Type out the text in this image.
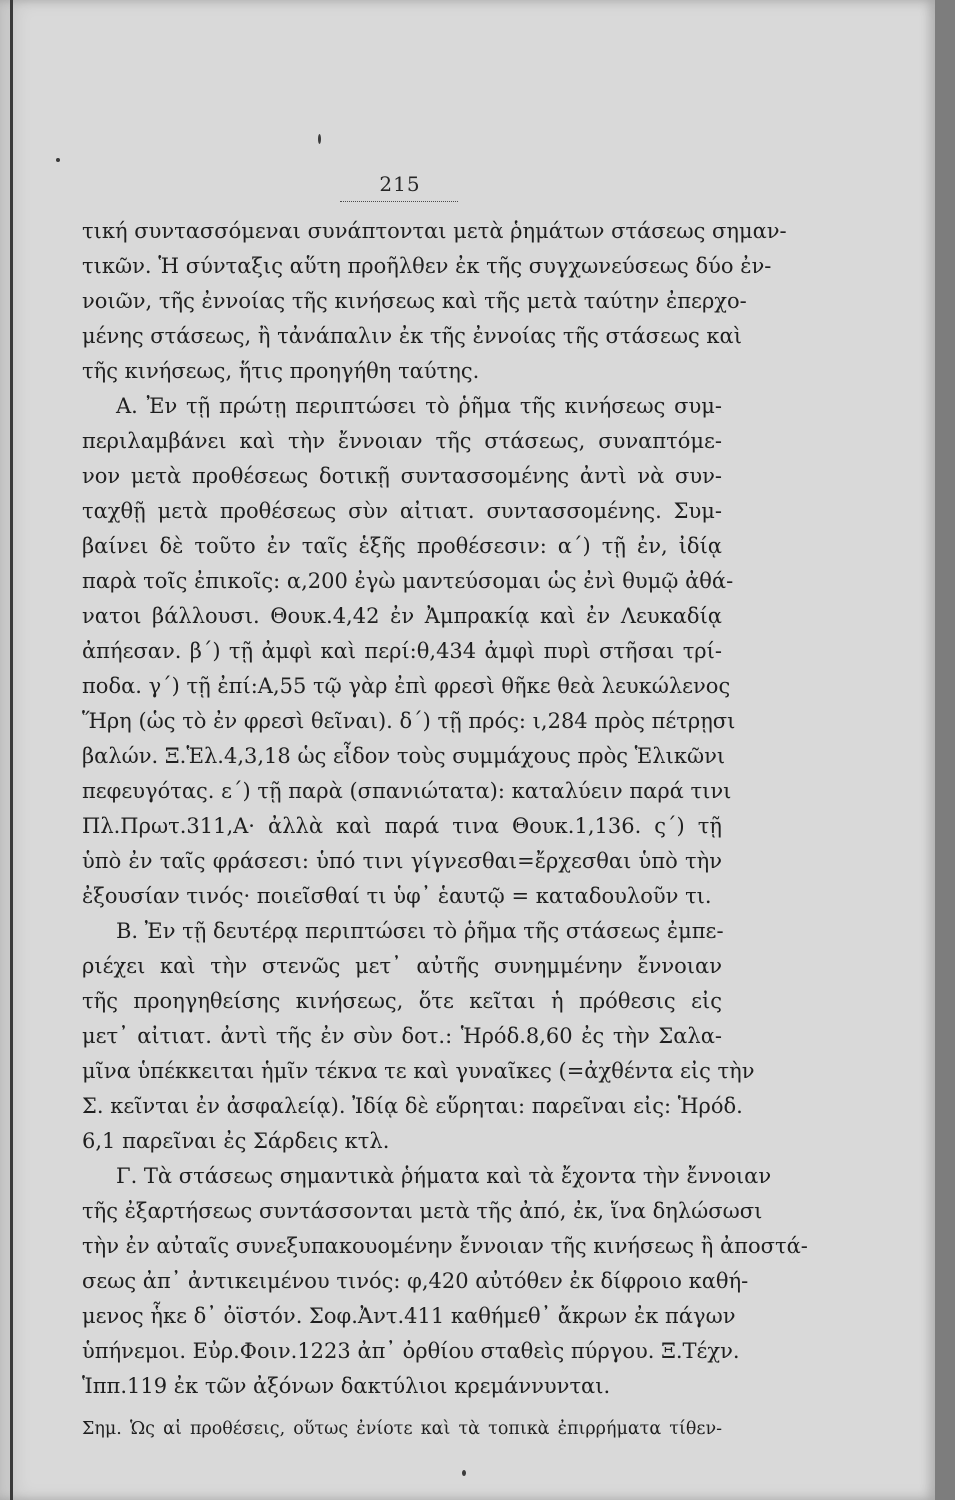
215
τική συντασσόμεναι συνάπτονται μετὰ ῥημάτων στάσεως σημαν-
τικῶν. Ἡ σύνταξις αὕτη προῆλθεν ἐκ τῆς συγχωνεύσεως δύο ἐν-
νοιῶν, τῆς ἐννοίας τῆς κινήσεως καὶ τῆς μετὰ ταύτην ἐπερχο-
μένης στάσεως, ἢ τἀνάπαλιν ἐκ τῆς ἐννοίας τῆς στάσεως καὶ
τῆς κινήσεως, ἥτις προηγήθη ταύτης.
Α. Ἐν τῇ πρώτῃ περιπτώσει τὸ ῥῆμα τῆς κινήσεως συμ-
περιλαμβάνει καὶ τὴν ἔννοιαν τῆς στάσεως, συναπτόμε-
νον μετὰ προθέσεως δοτικῇ συντασσομένης ἀντὶ νὰ συν-
ταχθῇ μετὰ προθέσεως σὺν αἰτιατ. συντασσομένης. Συμ-
βαίνει δὲ τοῦτο ἐν ταῖς ἑξῆς προθέσεσιν: α΄) τῇ ἐν, ἰδίᾳ
παρὰ τοῖς ἐπικοῖς: α,200 ἐγὼ μαντεύσομαι ὡς ἐνὶ θυμῷ ἀθά-
νατοι βάλλουσι. Θουκ.4,42 ἐν Ἀμπρακίᾳ καὶ ἐν Λευκαδίᾳ
ἀπήεσαν. β΄) τῇ ἀμφὶ καὶ περί:θ,434 ἀμφὶ πυρὶ στῆσαι τρί-
ποδα. γ΄) τῇ ἐπί:Α,55 τῷ γὰρ ἐπὶ φρεσὶ θῆκε θεὰ λευκώλενος
Ἥρη (ὡς τὸ ἐν φρεσὶ θεῖναι). δ΄) τῇ πρός: ι,284 πρὸς πέτρῃσι
βαλών. Ξ.Ἑλ.4,3,18 ὡς εἶδον τοὺς συμμάχους πρὸς Ἑλικῶνι
πεφευγότας. ε΄) τῇ παρὰ (σπανιώτατα): καταλύειν παρά τινι
Πλ.Πρωτ.311,Α· ἀλλὰ καὶ παρά τινα Θουκ.1,136. ς΄) τῇ
ὑπὸ ἐν ταῖς φράσεσι: ὑπό τινι γίγνεσθαι=ἔρχεσθαι ὑπὸ τὴν
ἐξουσίαν τινός· ποιεῖσθαί τι ὑφ᾽ ἑαυτῷ = καταδουλοῦν τι.
Β. Ἐν τῇ δευτέρᾳ περιπτώσει τὸ ῥῆμα τῆς στάσεως ἐμπε-
ριέχει καὶ τὴν στενῶς μετ᾽ αὐτῆς συνημμένην ἔννοιαν
τῆς προηγηθείσης κινήσεως, ὅτε κεῖται ἡ πρόθεσις εἰς
μετ᾽ αἰτιατ. ἀντὶ τῆς ἐν σὺν δοτ.: Ἡρόδ.8,60 ἐς τὴν Σαλα-
μῖνα ὑπέκκειται ἡμῖν τέκνα τε καὶ γυναῖκες (=ἀχθέντα εἰς τὴν
Σ. κεῖνται ἐν ἀσφαλείᾳ). Ἰδίᾳ δὲ εὕρηται: παρεῖναι εἰς: Ἡρόδ.
6,1 παρεῖναι ἐς Σάρδεις κτλ.
Γ. Τὰ στάσεως σημαντικὰ ῥήματα καὶ τὰ ἔχοντα τὴν ἔννοιαν
τῆς ἐξαρτήσεως συντάσσονται μετὰ τῆς ἀπό, ἐκ, ἵνα δηλώσωσι
τὴν ἐν αὐταῖς συνεξυπακουομένην ἔννοιαν τῆς κινήσεως ἢ ἀποστά-
σεως ἀπ᾽ ἀντικειμένου τινός: φ,420 αὐτόθεν ἐκ δίφροιο καθή-
μενος ἧκε δ᾽ ὀϊστόν. Σοφ.Ἀντ.411 καθήμεθ᾽ ἄκρων ἐκ πάγων
ὑπήνεμοι. Εὐρ.Φοιν.1223 ἀπ᾽ ὀρθίου σταθεὶς πύργου. Ξ.Τέχν.
Ἱππ.119 ἐκ τῶν ἀξόνων δακτύλιοι κρεμάννυνται.
Σημ. Ὡς αἱ προθέσεις, οὕτως ἐνίοτε καὶ τὰ τοπικὰ ἐπιρρήματα τίθεν-
